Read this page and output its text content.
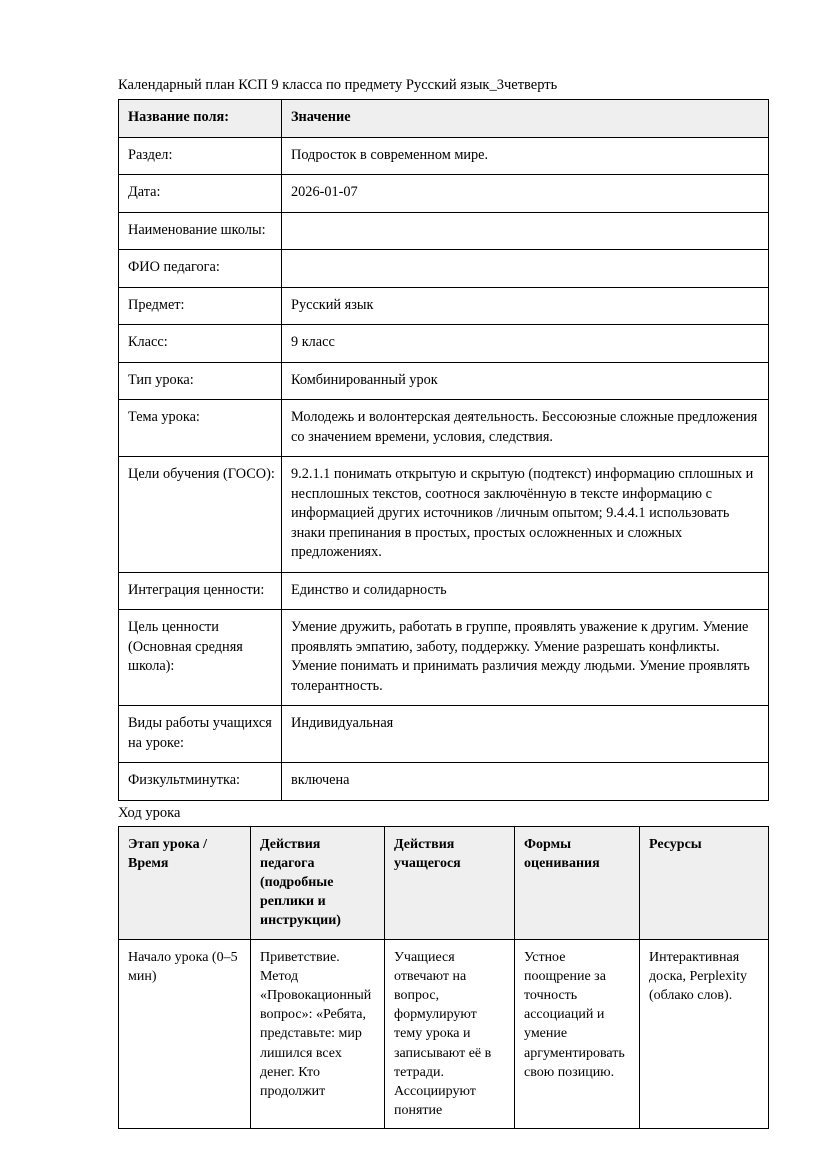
Календарный план КСП 9 класса по предмету Русский язык_3четверть
Название поля:	Значение
Раздел:	Подросток в современном мире.
Дата:	2026-01-07
Наименование школы:	
ФИО педагога:	
Предмет:	Русский язык
Класс:	9 класс
Тип урока:	Комбинированный урок
Тема урока:	Молодежь и волонтерская деятельность. Бессоюзные сложные предложения со значением времени, условия, следствия.
Цели обучения (ГОСО):	9.2.1.1 понимать открытую и скрытую (подтекст) информацию сплошных и несплошных текстов, соотнося заключённую в тексте информацию с информацией других источников /личным опытом; 9.4.4.1 использовать знаки препинания в простых, простых осложненных и сложных предложениях.
Интеграция ценности:	Единство и солидарность
Цель ценности (Основная средняя школа):	Умение дружить, работать в группе, проявлять уважение к другим. Умение проявлять эмпатию, заботу, поддержку. Умение разрешать конфликты. Умение понимать и принимать различия между людьми. Умение проявлять толерантность.
Виды работы учащихся на уроке:	Индивидуальная
Физкультминутка:	включена
Ход урока
Этап урока / Время	Действия педагога (подробные реплики и инструкции)	Действия учащегося	Формы оценивания	Ресурсы
Начало урока (0–5 мин)	Приветствие. Метод «Провокационный вопрос»: «Ребята, представьте: мир лишился всех денег. Кто продолжит	Учащиеся отвечают на вопрос, формулируют тему урока и записывают её в тетради. Ассоциируют понятие	Устное поощрение за точность ассоциаций и умение аргументировать свою позицию.	Интерактивная доска, Perplexity (облако слов).
